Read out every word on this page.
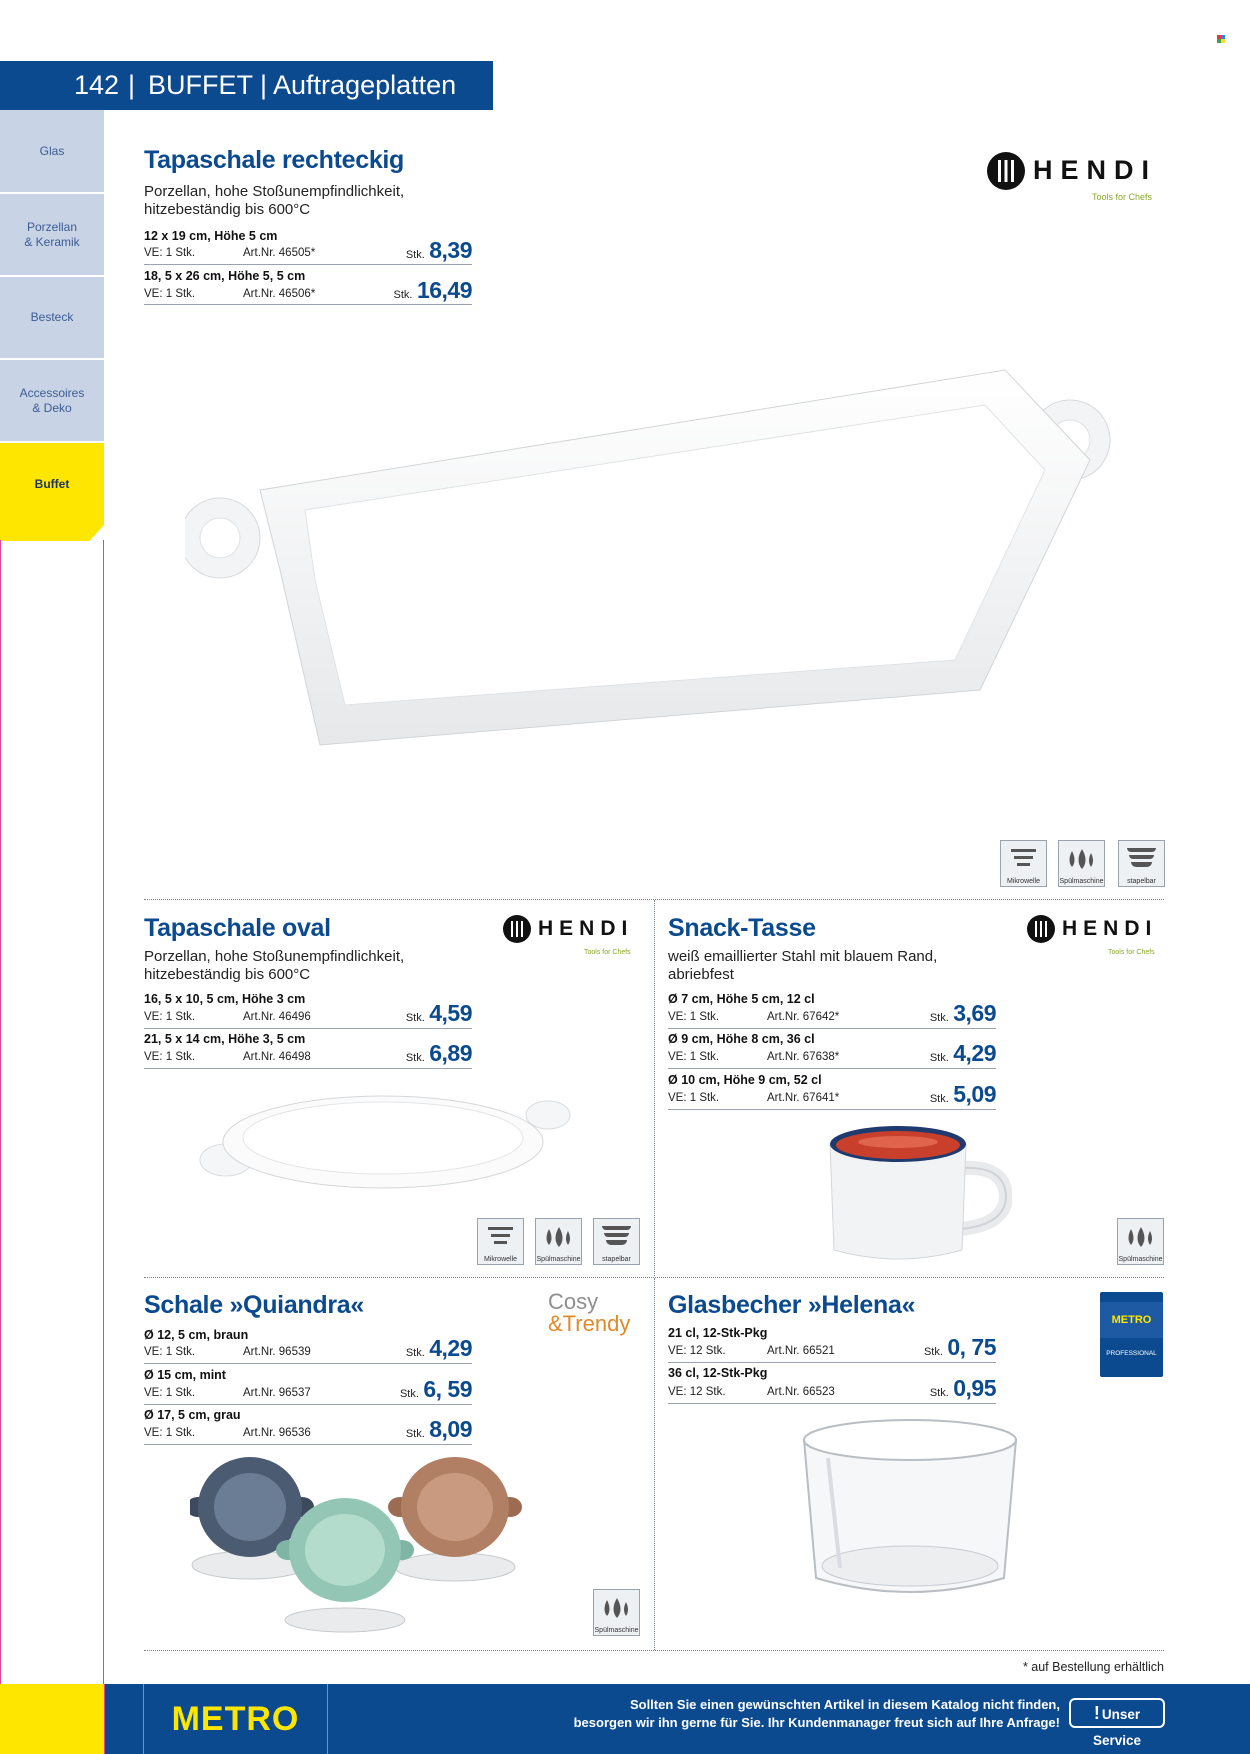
142 | BUFFET | Auftrageplatten
Glas
Porzellan
& Keramik
Besteck
Accessoires
& Deko
Buffet
Tapaschale rechteckig
Porzellan, hohe Stoßunempfindlichkeit,
hitzebeständig bis 600°C
12 x 19 cm, Höhe 5 cm
VE: 1 Stk.	Art.Nr. 46505*	Stk. 8,39
18, 5 x 26 cm, Höhe 5, 5 cm
VE: 1 Stk.	Art.Nr. 46506*	Stk. 16,49
HENDI
Tools for Chefs
Mikrowelle	Spülmaschine	stapelbar
Tapaschale oval
Porzellan, hohe Stoßunempfindlichkeit,
hitzebeständig bis 600°C
16, 5 x 10, 5 cm, Höhe 3 cm
VE: 1 Stk.	Art.Nr. 46496	Stk. 4,59
21, 5 x 14 cm, Höhe 3, 5 cm
VE: 1 Stk.	Art.Nr. 46498	Stk. 6,89
HENDI
Tools for Chefs
Mikrowelle	Spülmaschine	stapelbar
Snack-Tasse
weiß emaillierter Stahl mit blauem Rand,
abriebfest
Ø 7 cm, Höhe 5 cm, 12 cl
VE: 1 Stk.	Art.Nr. 67642*	Stk. 3,69
Ø 9 cm, Höhe 8 cm, 36 cl
VE: 1 Stk.	Art.Nr. 67638*	Stk. 4,29
Ø 10 cm, Höhe 9 cm, 52 cl
VE: 1 Stk.	Art.Nr. 67641*	Stk. 5,09
HENDI
Tools for Chefs
Spülmaschine
Schale »Quiandra«
Ø 12, 5 cm, braun
VE: 1 Stk.	Art.Nr. 96539	Stk. 4,29
Ø 15 cm, mint
VE: 1 Stk.	Art.Nr. 96537	Stk. 6, 59
Ø 17, 5 cm, grau
VE: 1 Stk.	Art.Nr. 96536	Stk. 8,09
Cosy
&Trendy
Spülmaschine
Glasbecher »Helena«
21 cl, 12-Stk-Pkg
VE: 12 Stk.	Art.Nr. 66521	Stk. 0, 75
36 cl, 12-Stk-Pkg
VE: 12 Stk.	Art.Nr. 66523	Stk. 0,95
METRO
PROFESSIONAL
* auf Bestellung erhältlich
METRO	Sollten Sie einen gewünschten Artikel in diesem Katalog nicht finden,
besorgen wir ihn gerne für Sie. Ihr Kundenmanager freut sich auf Ihre Anfrage!	! Unser Service
